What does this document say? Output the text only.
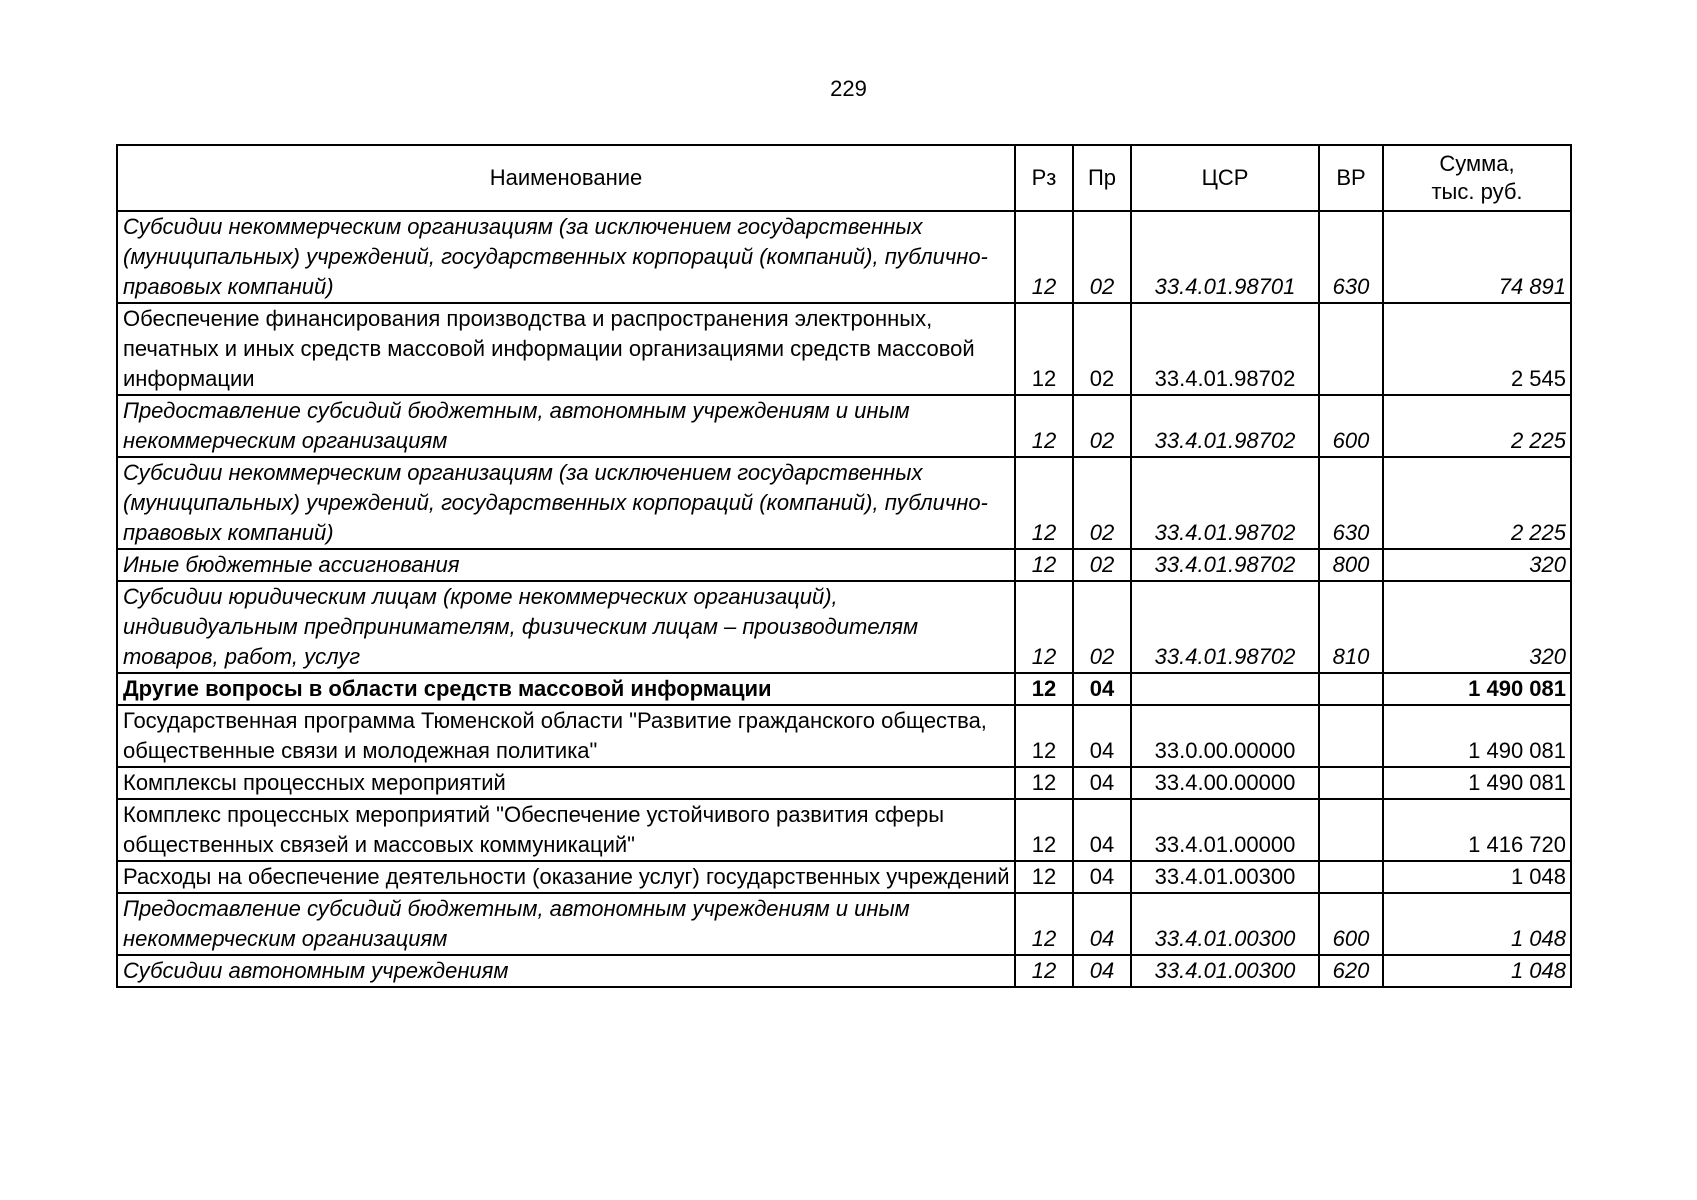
229
Наименование	Рз	Пр	ЦСР	ВР	Сумма,
тыс. руб.

Субсидии некоммерческим организациям (за исключением государственных (муниципальных) учреждений, государственных корпораций (компаний), публично-правовых компаний)	12	02	33.4.01.98701	630	74 891
Обеспечение финансирования производства и распространения электронных, печатных и иных средств массовой информации организациями средств массовой информации	12	02	33.4.01.98702		2 545
Предоставление субсидий бюджетным, автономным учреждениям и иным некоммерческим организациям	12	02	33.4.01.98702	600	2 225
Субсидии некоммерческим организациям (за исключением государственных (муниципальных) учреждений, государственных корпораций (компаний), публично-правовых компаний)	12	02	33.4.01.98702	630	2 225
Иные бюджетные ассигнования	12	02	33.4.01.98702	800	320
Субсидии юридическим лицам (кроме некоммерческих организаций), индивидуальным предпринимателям, физическим лицам – производителям товаров, работ, услуг	12	02	33.4.01.98702	810	320
Другие вопросы в области средств массовой информации	12	04			1 490 081
Государственная программа Тюменской области "Развитие гражданского общества, общественные связи и молодежная политика"	12	04	33.0.00.00000		1 490 081
Комплексы процессных мероприятий	12	04	33.4.00.00000		1 490 081
Комплекс процессных мероприятий "Обеспечение устойчивого развития сферы общественных связей и массовых коммуникаций"	12	04	33.4.01.00000		1 416 720
Расходы на обеспечение деятельности (оказание услуг) государственных учреждений	12	04	33.4.01.00300		1 048
Предоставление субсидий бюджетным, автономным учреждениям и иным некоммерческим организациям	12	04	33.4.01.00300	600	1 048
Субсидии автономным учреждениям	12	04	33.4.01.00300	620	1 048
